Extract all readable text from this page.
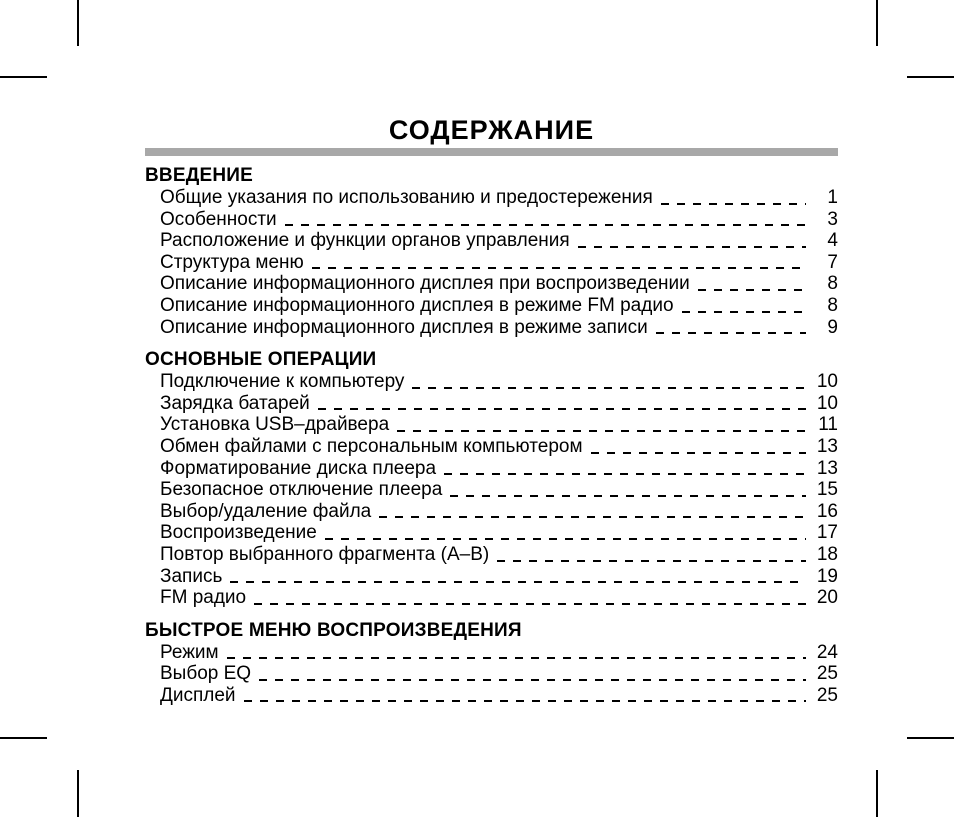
СОДЕРЖАНИЕ
ВВЕДЕНИЕ
Общие указания по использованию и предостережения	1
Особенности	3
Расположение и функции органов управления	4
Структура меню	7
Описание информационного дисплея при воспроизведении	8
Описание информационного дисплея в режиме FM радио	8
Описание информационного дисплея в режиме записи	9
ОСНОВНЫЕ ОПЕРАЦИИ
Подключение к компьютеру	10
Зарядка батарей	10
Установка USB–драйвера	11
Обмен файлами с персональным компьютером	13
Форматирование диска плеера	13
Безопасное отключение плеера	15
Выбор/удаление файла	16
Воспроизведение	17
Повтор выбранного фрагмента (A–B)	18
Запись	19
FM радио	20
БЫСТРОЕ МЕНЮ ВОСПРОИЗВЕДЕНИЯ
Режим	24
Выбор EQ	25
Дисплей	25
